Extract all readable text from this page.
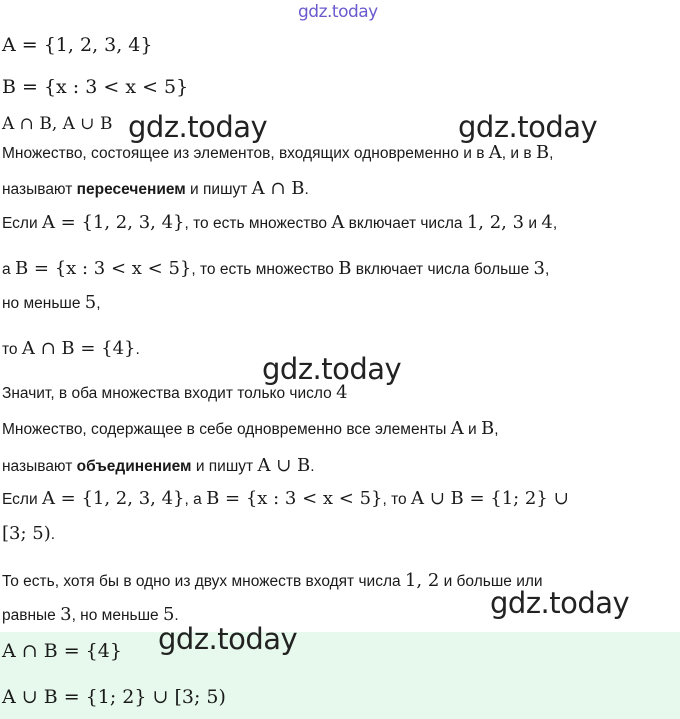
gdz.today
A = {1, 2, 3, 4}
B = {x : 3 < x < 5}
A ∩ B, A ∪ B
Множество, состоящее из элементов, входящих одновременно и в A, и в B,
называют пересечением и пишут A ∩ B.
Если A = {1, 2, 3, 4}, то есть множество A включает числа 1, 2, 3 и 4,
а B = {x : 3 < x < 5}, то есть множество B включает числа больше 3,
но меньше 5,
то A ∩ B = {4}.
Значит, в оба множества входит только число 4
Множество, содержащее в себе одновременно все элементы A и B,
называют объединением и пишут A ∪ B.
Если A = {1, 2, 3, 4}, а B = {x : 3 < x < 5}, то A ∪ B = {1; 2} ∪
[3; 5).
То есть, хотя бы в одно из двух множеств входят числа 1, 2 и больше или
равные 3, но меньше 5.
A ∩ B = {4}
A ∪ B = {1; 2} ∪ [3; 5)
gdz.today	gdz.today
gdz.today
gdz.today
gdz.today
